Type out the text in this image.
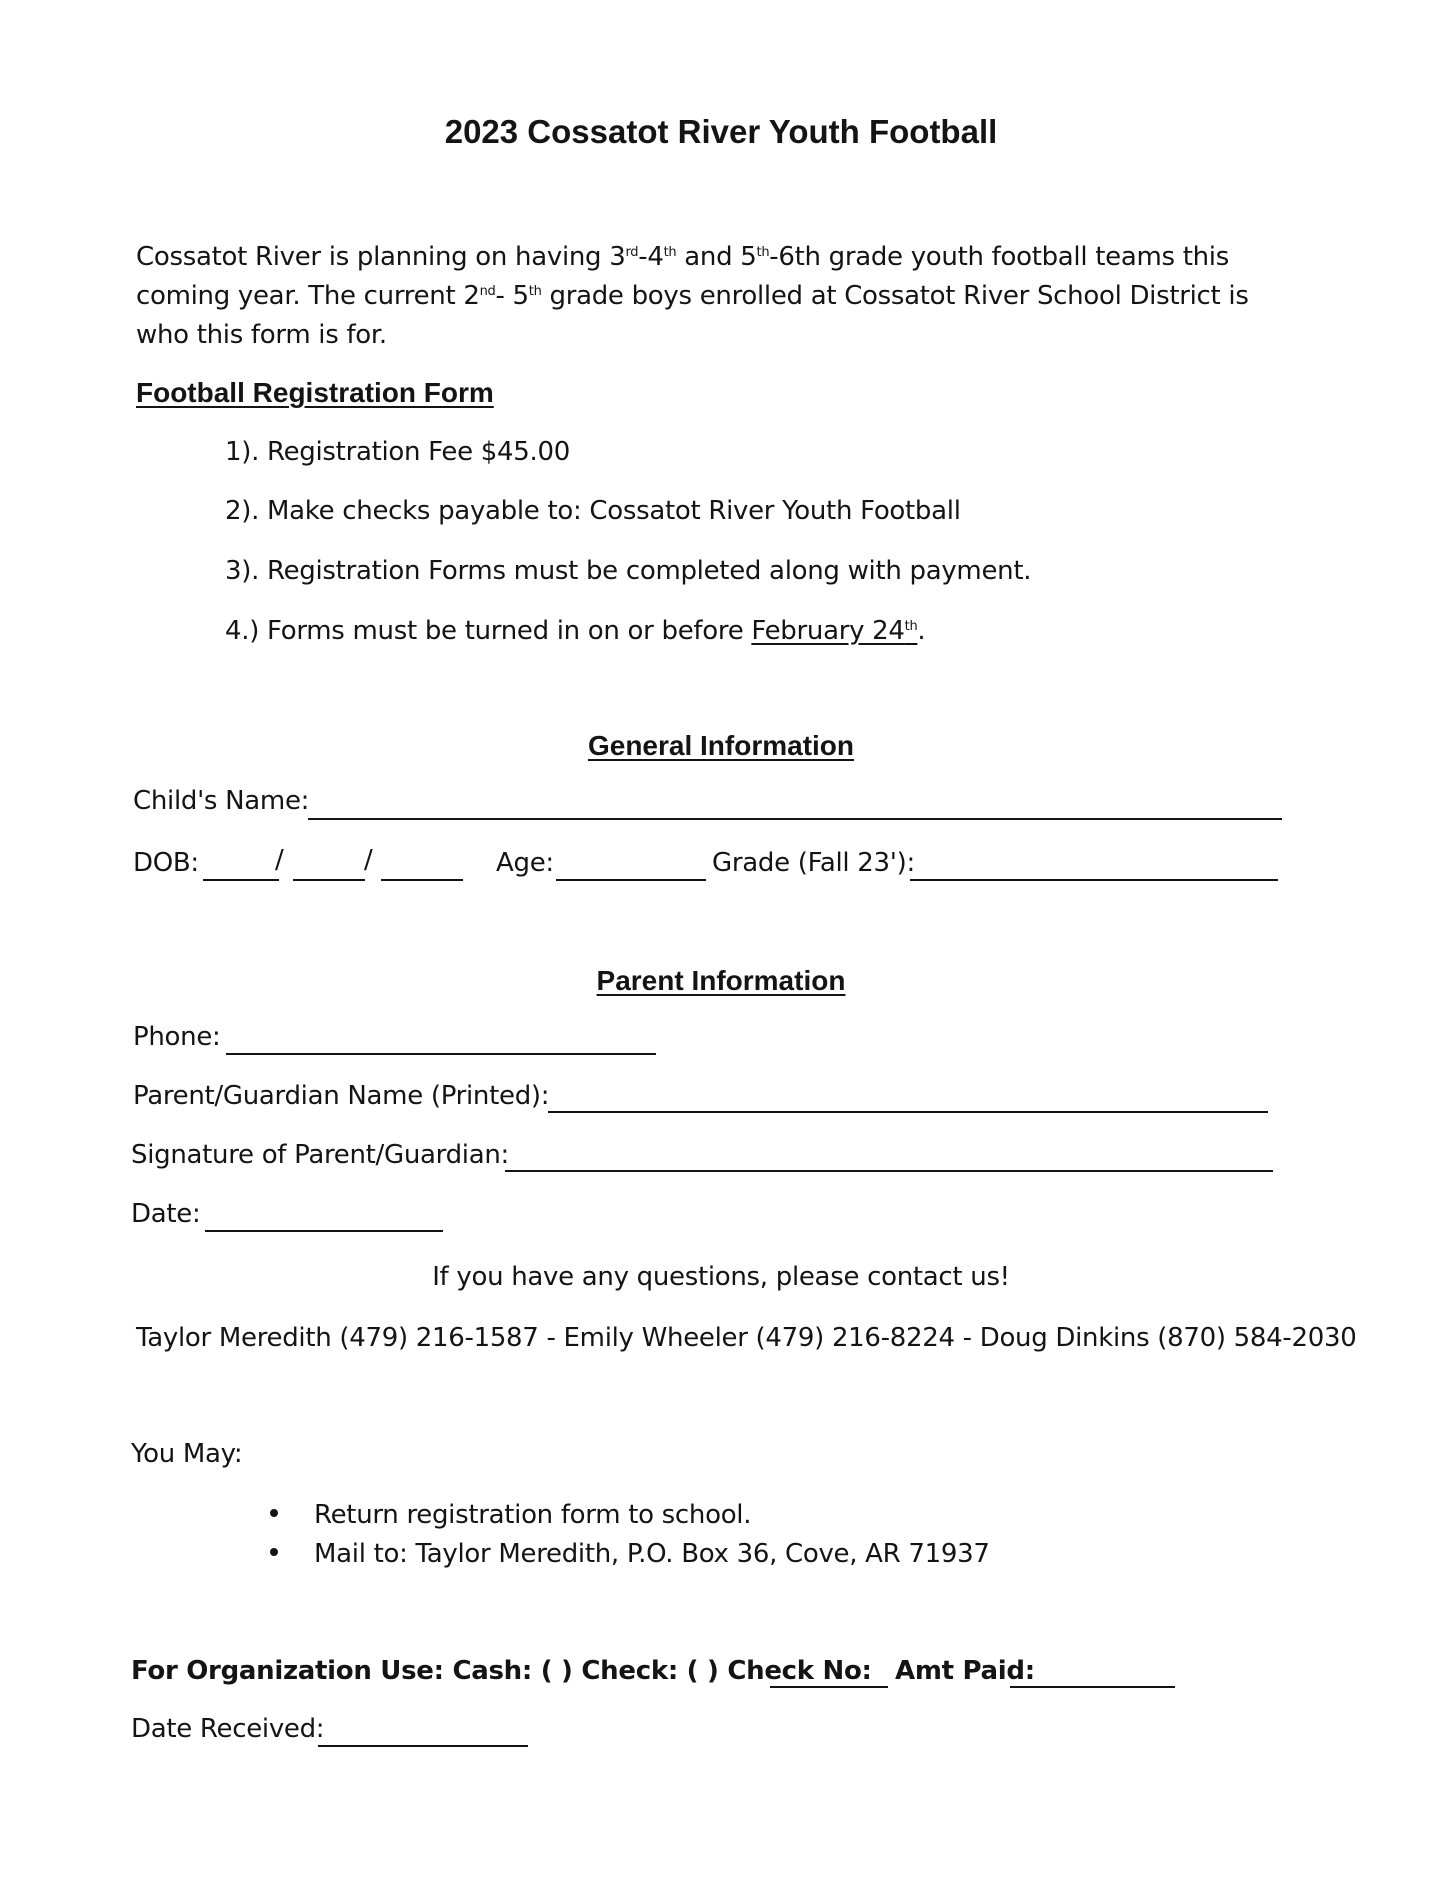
2023 Cossatot River Youth Football
Cossatot River is planning on having 3rd-4th and 5th-6th grade youth football teams this coming year. The current 2nd- 5th grade boys enrolled at Cossatot River School District is who this form is for.
Football Registration Form
1). Registration Fee $45.00
2). Make checks payable to: Cossatot River Youth Football
3). Registration Forms must be completed along with payment.
4.) Forms must be turned in on or before February 24th.
General Information
Child's Name:
DOB:	/	/	Age:	Grade (Fall 23'):
Parent Information
Phone:
Parent/Guardian Name (Printed):
Signature of Parent/Guardian:
Date:
If you have any questions, please contact us!
Taylor Meredith (479) 216-1587 - Emily Wheeler (479) 216-8224 - Doug Dinkins (870) 584-2030
You May:
Return registration form to school.
Mail to: Taylor Meredith, P.O. Box 36, Cove, AR 71937
For Organization Use: Cash: ( ) Check: ( ) Check No: Amt Paid:
Date Received:
